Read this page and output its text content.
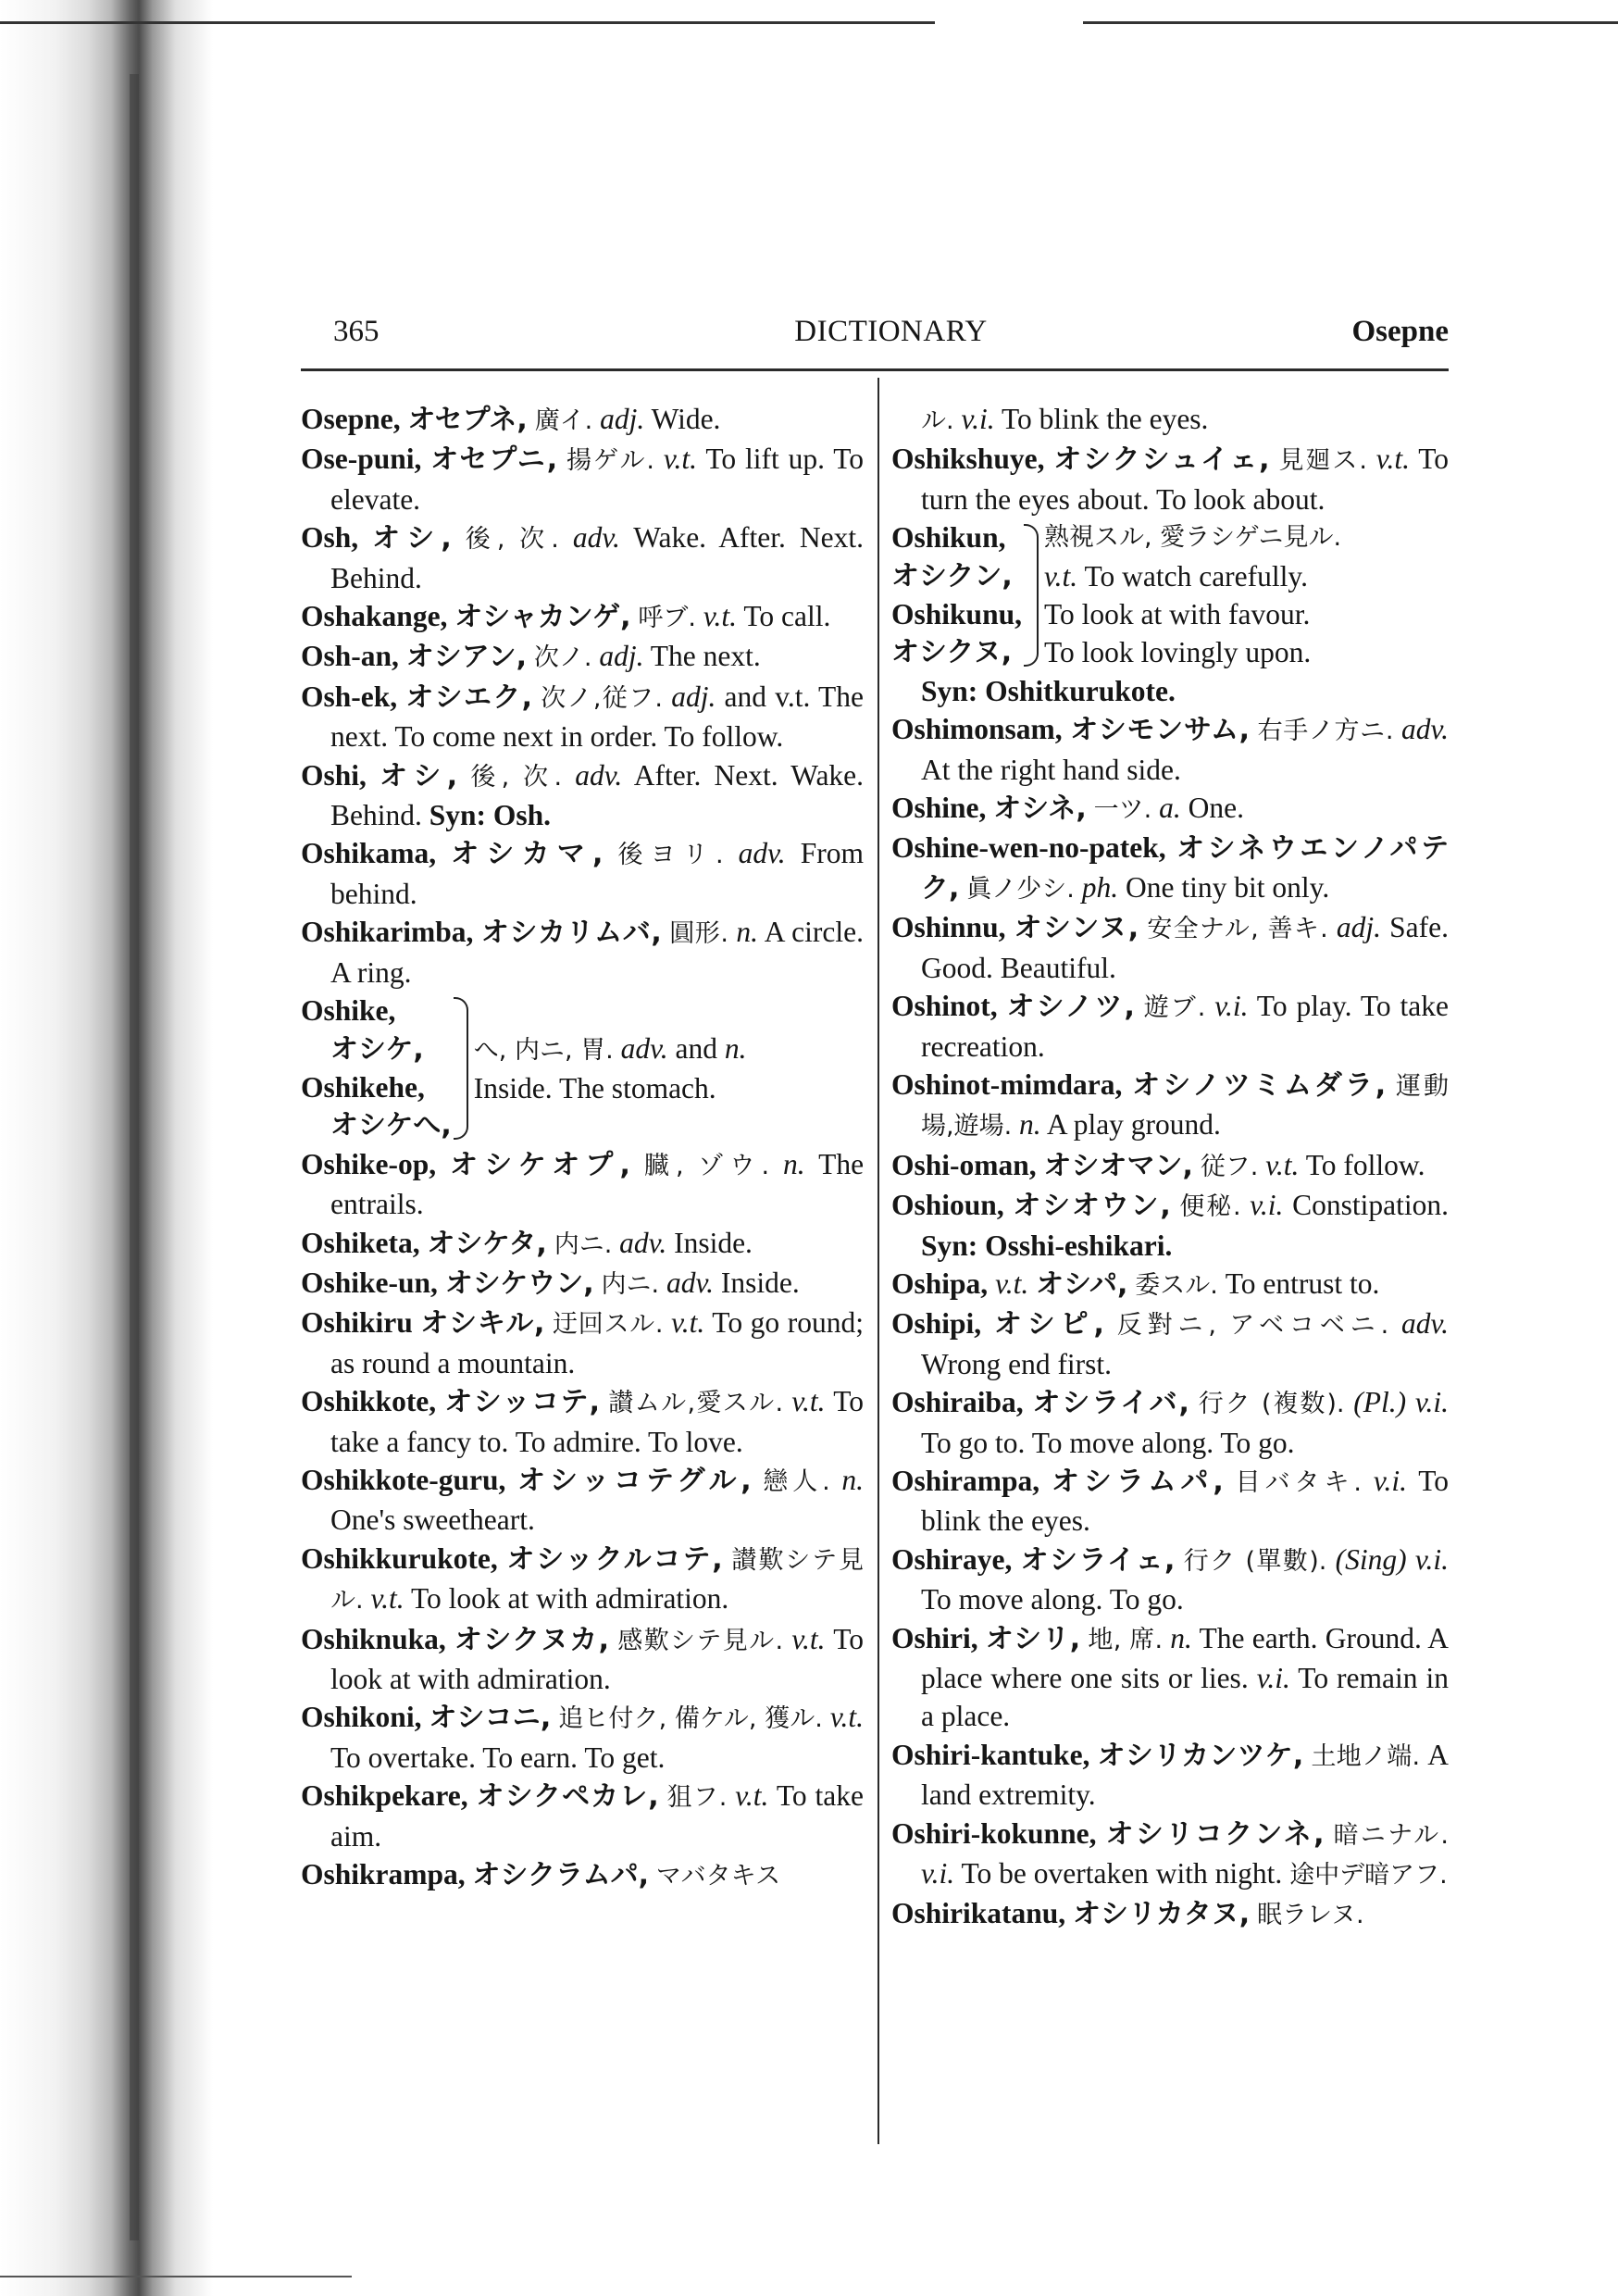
365	DICTIONARY	Osepne

Osepne, オセプネ, 廣イ. adj. Wide.

Ose-puni, オセプニ, 揚ゲル. v.t. To lift up. To elevate.

Osh, オシ, 後, 次. adv. Wake. After. Next. Behind.

Oshakange, オシャカンゲ, 呼ブ. v.t. To call.

Osh-an, オシアン, 次ノ. adj. The next.

Osh-ek, オシエク, 次ノ,従フ. adj. and v.t. The next. To come next in order. To follow.

Oshi, オシ, 後, 次. adv. After. Next. Wake. Behind. Syn: Osh.

Oshikama, オシカマ, 後ヨリ. adv. From behind.

Oshikarimba, オシカリムバ, 圓形. n. A circle. A ring.

Oshike,
オシケ,
Oshikehe,
オシケへ,
へ, 内ニ, 胃. adv. and n.
Inside. The stomach.

Oshike-op, オシケオプ, 臓, ゾウ. n. The entrails.

Oshiketa, オシケタ, 内ニ. adv. Inside.

Oshike-un, オシケウン, 内ニ. adv. Inside.

Oshikiru オシキル, 迂回スル. v.t. To go round; as round a mountain.

Oshikkote, オシッコテ, 讃ムル,愛スル. v.t. To take a fancy to. To admire. To love.

Oshikkote-guru, オシッコテグル, 戀人. n. One's sweetheart.

Oshikkurukote, オシックルコテ, 讃歎シテ見ル. v.t. To look at with admiration.

Oshiknuka, オシクヌカ, 感歎シテ見ル. v.t. To look at with admiration.

Oshikoni, オシコニ, 追ヒ付ク, 備ケル, 獲ル. v.t. To overtake. To earn. To get.

Oshikpekare, オシクペカレ, 狙フ. v.t. To take aim.

Oshikrampa, オシクラムパ, マバタキス

ル. v.i. To blink the eyes.

Oshikshuye, オシクシュイェ, 見廻ス. v.t. To turn the eyes about. To look about.

Oshikun,
オシクン,
Oshikunu,
オシクヌ,
熟視スル, 愛ラシゲニ見ル.
v.t. To watch carefully.
To look at with favour.
To look lovingly upon.

Syn: Oshitkurukote.

Oshimonsam, オシモンサム, 右手ノ方ニ. adv. At the right hand side.

Oshine, オシネ, 一ツ. a. One.

Oshine-wen-no-patek, オシネウエンノパテク, 眞ノ少シ. ph. One tiny bit only.

Oshinnu, オシンヌ, 安全ナル, 善キ. adj. Safe. Good. Beautiful.

Oshinot, オシノツ, 遊ブ. v.i. To play. To take recreation.

Oshinot-mimdara, オシノツミムダラ, 運動場,遊場. n. A play ground.

Oshi-oman, オシオマン, 従フ. v.t. To follow.

Oshioun, オシオウン, 便秘. v.i. Constipation. Syn: Osshi-eshikari.

Oshipa, v.t. オシパ, 委スル. To entrust to.

Oshipi, オシピ, 反對ニ, アベコベニ. adv. Wrong end first.

Oshiraiba, オシライバ, 行ク (複数). (Pl.) v.i. To go to. To move along. To go.

Oshirampa, オシラムパ, 目バタキ. v.i. To blink the eyes.

Oshiraye, オシライェ, 行ク (單數). (Sing) v.i. To move along. To go.

Oshiri, オシリ, 地, 席. n. The earth. Ground. A place where one sits or lies. v.i. To remain in a place.

Oshiri-kantuke, オシリカンツケ, 土地ノ端. A land extremity.

Oshiri-kokunne, オシリコクンネ, 暗ニナル. v.i. To be overtaken with night. 途中デ暗アフ.

Oshirikatanu, オシリカタヌ, 眠ラレヌ.
